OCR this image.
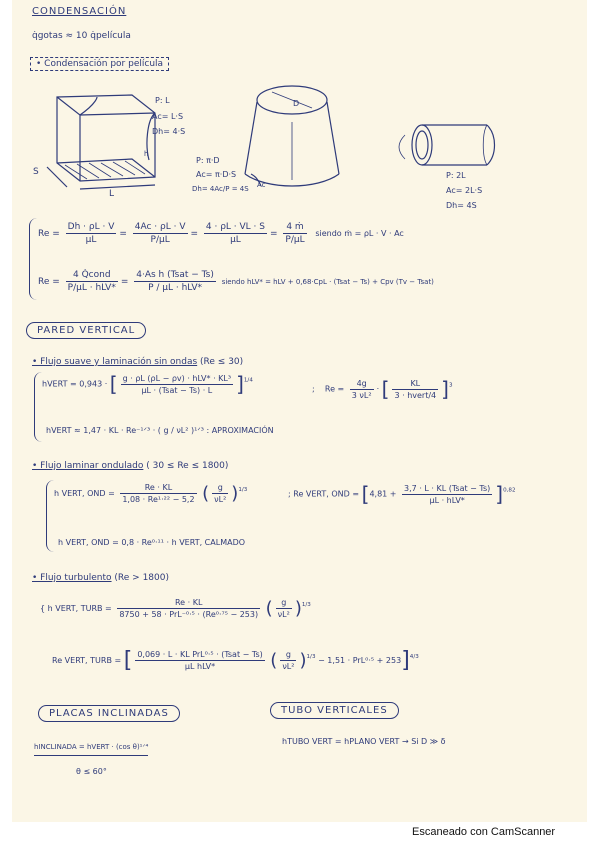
CONDENSACIÓN
q̇gotas ≈ 10 q̇película
• Condensación por película
S
L
h
P: L
Ac= L·S
Dh= 4·S
D
Ac
P: π·D
Ac= π·D·S
Dh= 4Ac/P = 4S
P: 2L
Ac= 2L·S
Dh= 4S
$Re = \frac{Dh \cdot \rho L \cdot V}{\mu L} = \frac{4Ac \cdot \rho L \cdot V}{P/\mu L} = \frac{4 \cdot \rho L \cdot VL \cdot S}{\mu L} = \frac{\text{4 ṁ}}{P/\mu L}$ siendo ṁ = ρL · V · Ac
$Re = \frac{\text{4 Q̇cond}}{\text{P/μL · hLV*}} = \frac{\text{4·As h (Tsat − Ts)}}{\text{P / μL · hLV*}}$ siendo hLV* = hLV + 0,68·CpL · (Tsat − Ts) + Cpv (Tv − Tsat)
PARED VERTICAL
• Flujo suave y laminación sin ondas (Re ≤ 30)
hVERT = 0,943 · [ $\frac{\text{g · ρL (ρL − ρv) · hLV* · KL³}}{\text{μL · (Tsat − Ts) · L}} ]^{1/4}$
;    $Re = \frac{4g}{\text{3 νL²}}$ · [ $\frac{KL}{\text{3 · hvert/4}} ]^3$
hVERT ≈ 1,47 · KL · Re⁻¹ᐟ³ · ( g / νL² )¹ᐟ³ : APROXIMACIÓN
• Flujo laminar ondulado ( 30 ≤ Re ≤ 1800)
h VERT, OND = $\frac{Re \cdot KL}{\text{1,08 · Re¹·²² − 5,2}}$ ( $\frac{g}{\text{νL²}} )^{1/3}$	; Re VERT, OND = $[4,81 + \frac{\text{3,7 · L · KL (Tsat − Ts)}}{\text{μL · hLV*}} ]^{0,82}$
h VERT, OND = 0,8 · Re⁰·¹¹ · h VERT, CALMADO
• Flujo turbulento (Re > 1800)
{ h VERT, TURB = $\frac{Re \cdot KL}{\text{8750 + 58 · PrL⁻⁰·⁵ · (Re⁰·⁷⁵ − 253)}}$ ( $\frac{g}{\text{νL²}} )^{1/3}$
Re VERT, TURB = [ $\frac{\text{0,069 · L · KL PrL⁰·⁵ · (Tsat − Ts)}}{\text{μL hLV*}}$ ( $\frac{g}{\text{νL²}} )^{1/3} - 1,51 \cdot PrL^0\cdot^5 + 253]^{4/3}$
PLACAS INCLINADAS
hINCLINADA = hVERT · (cos θ)¹ᐟ⁴
θ ≤ 60°
TUBO VERTICALES
hTUBO VERT = hPLANO VERT → Si D ≫ δ
Escaneado con CamScanner
